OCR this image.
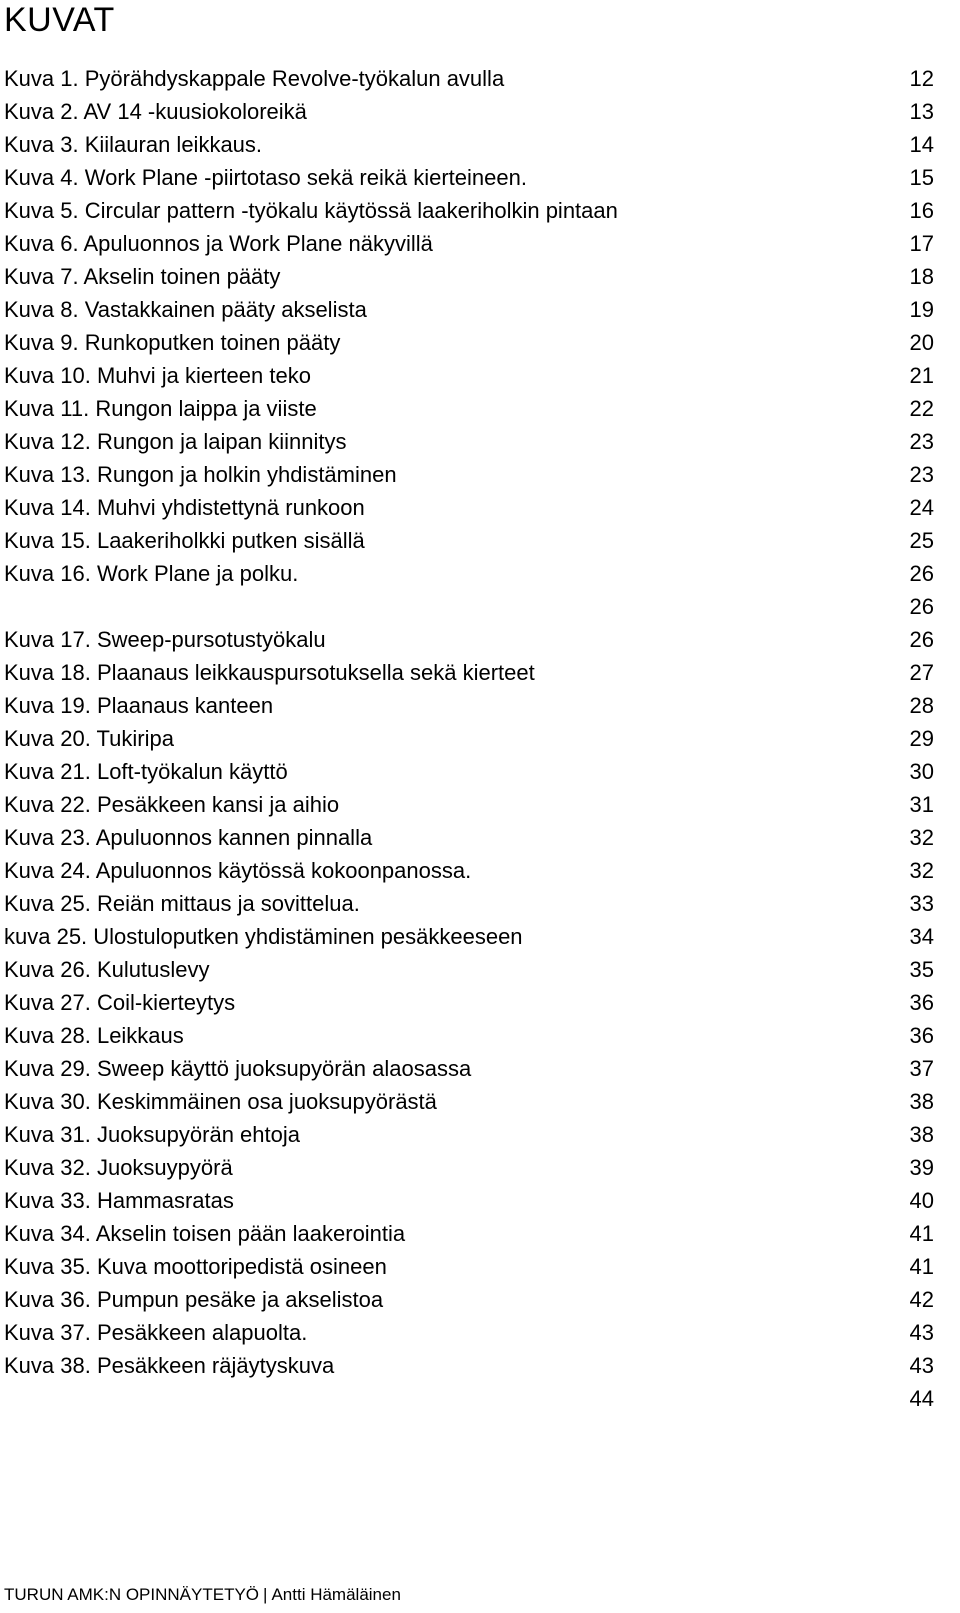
KUVAT
Kuva 1. Pyörähdyskappale Revolve-työkalun avulla	12
Kuva 2. AV 14 -kuusiokoloreikä	13
Kuva 3. Kiilauran leikkaus.	14
Kuva 4. Work Plane -piirtotaso sekä reikä kierteineen.	15
Kuva 5. Circular pattern -työkalu käytössä laakeriholkin pintaan	16
Kuva 6. Apuluonnos ja Work Plane näkyvillä	17
Kuva 7. Akselin toinen pääty	18
Kuva 8. Vastakkainen pääty akselista	19
Kuva 9. Runkoputken toinen pääty	20
Kuva 10. Muhvi ja kierteen teko	21
Kuva 11. Rungon laippa ja viiste	22
Kuva 12. Rungon ja laipan kiinnitys	23
Kuva 13. Rungon ja holkin yhdistäminen	23
Kuva 14. Muhvi yhdistettynä runkoon	24
Kuva 15. Laakeriholkki putken sisällä	25
Kuva 16. Work Plane ja polku.	26
26
Kuva 17. Sweep-pursotustyökalu	26
Kuva 18. Plaanaus leikkauspursotuksella sekä kierteet	27
Kuva 19. Plaanaus kanteen	28
Kuva 20. Tukiripa	29
Kuva 21. Loft-työkalun käyttö	30
Kuva 22. Pesäkkeen kansi ja aihio	31
Kuva 23. Apuluonnos kannen pinnalla	32
Kuva 24. Apuluonnos käytössä kokoonpanossa.	32
Kuva 25. Reiän mittaus ja sovittelua.	33
kuva 25. Ulostuloputken yhdistäminen pesäkkeeseen	34
Kuva 26. Kulutuslevy	35
Kuva 27. Coil-kierteytys	36
Kuva 28. Leikkaus	36
Kuva 29. Sweep käyttö juoksupyörän alaosassa	37
Kuva 30. Keskimmäinen osa juoksupyörästä	38
Kuva 31. Juoksupyörän ehtoja	38
Kuva 32. Juoksuypyörä	39
Kuva 33. Hammasratas	40
Kuva 34. Akselin toisen pään laakerointia	41
Kuva 35. Kuva moottoripedistä osineen	41
Kuva 36. Pumpun pesäke ja akselistoa	42
Kuva 37. Pesäkkeen alapuolta.	43
Kuva 38. Pesäkkeen räjäytyskuva	43
44
TURUN AMK:N OPINNÄYTETYÖ | Antti Hämäläinen
